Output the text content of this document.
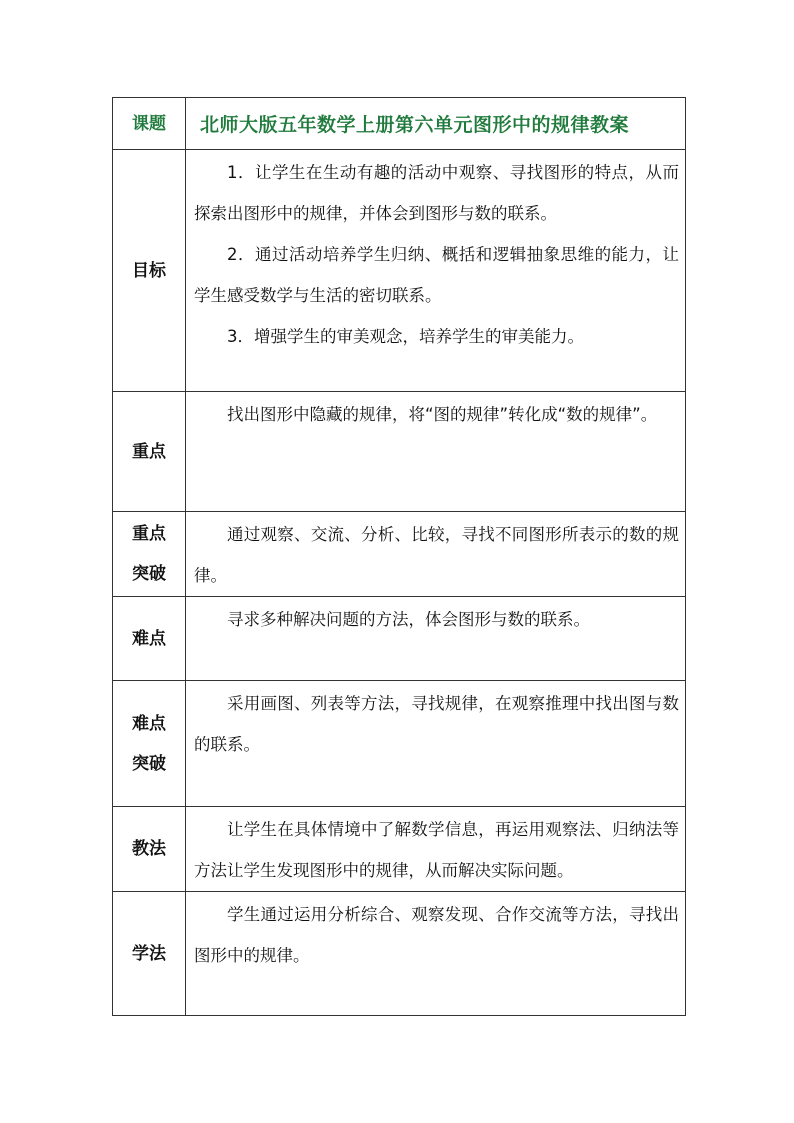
课题	北师大版五年数学上册第六单元图形中的规律教案

目标	1．让学生在生动有趣的活动中观察、寻找图形的特点，从而探索出图形中的规律，并体会到图形与数的联系。

2．通过活动培养学生归纳、概括和逻辑抽象思维的能力，让学生感受数学与生活的密切联系。

3．增强学生的审美观念，培养学生的审美能力。

重点	找出图形中隐藏的规律，将“图的规律”转化成“数的规律”。

重点
突破	通过观察、交流、分析、比较，寻找不同图形所表示的数的规律。

难点	寻求多种解决问题的方法，体会图形与数的联系。

难点
突破	采用画图、列表等方法，寻找规律，在观察推理中找出图与数的联系。

教法	让学生在具体情境中了解数学信息，再运用观察法、归纳法等方法让学生发现图形中的规律，从而解决实际问题。

学法	学生通过运用分析综合、观察发现、合作交流等方法，寻找出图形中的规律。
